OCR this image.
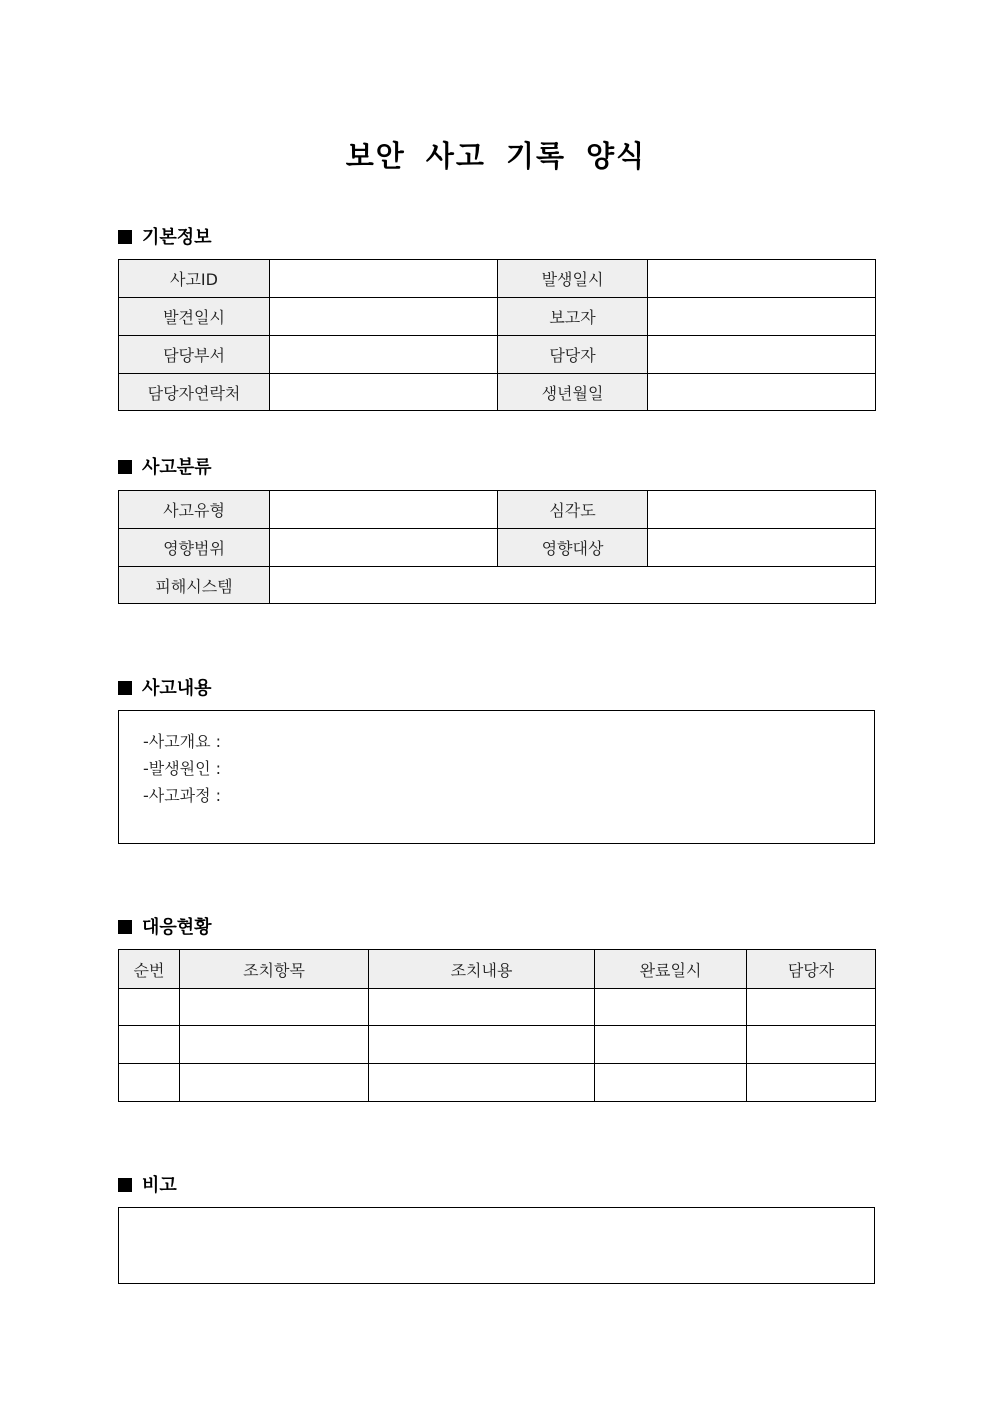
보안 사고 기록 양식
기본정보
사고ID		발생일시	
발견일시		보고자	
담당부서		담당자	
담당자연락처		생년월일	
사고분류
사고유형		심각도	
영향범위		영향대상	
피해시스템			
사고내용
-사고개요 :
-발생원인 :
-사고과정 :
대응현황
순번	조치항목	조치내용	완료일시	담당자

비고
